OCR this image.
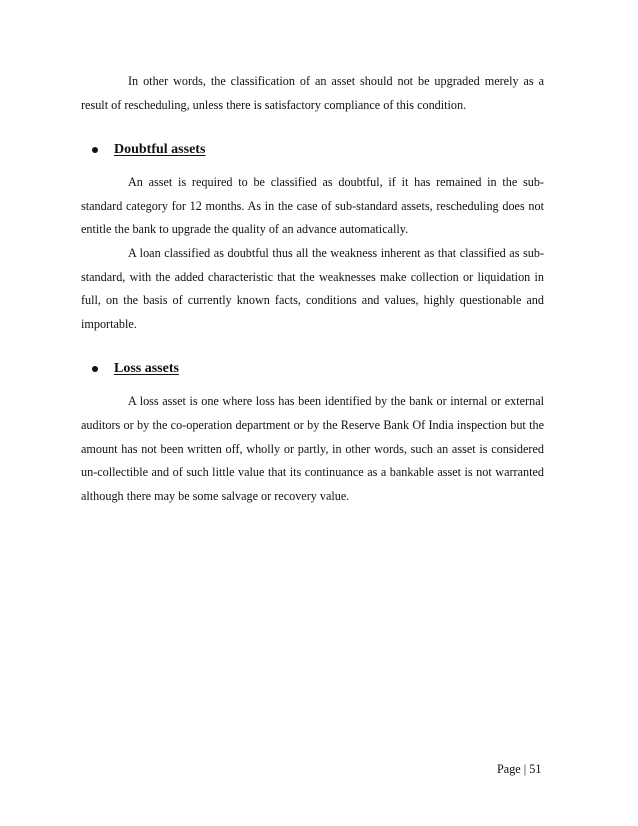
In other words, the classification of an asset should not be upgraded merely as a result of rescheduling, unless there is satisfactory compliance of this condition.

Doubtful assets

An asset is required to be classified as doubtful, if it has remained in the sub-standard category for 12 months. As in the case of sub-standard assets, rescheduling does not entitle the bank to upgrade the quality of an advance automatically.

A loan classified as doubtful thus all the weakness inherent as that classified as sub-standard, with the added characteristic that the weaknesses make collection or liquidation in full, on the basis of currently known facts, conditions and values, highly questionable and importable.

Loss assets

A loss asset is one where loss has been identified by the bank or internal or external auditors or by the co-operation department or by the Reserve Bank Of India inspection but the amount has not been written off, wholly or partly, in other words, such an asset is considered un-collectible and of such little value that its continuance as a bankable asset is not warranted although there may be some salvage or recovery value.

Page | 51
